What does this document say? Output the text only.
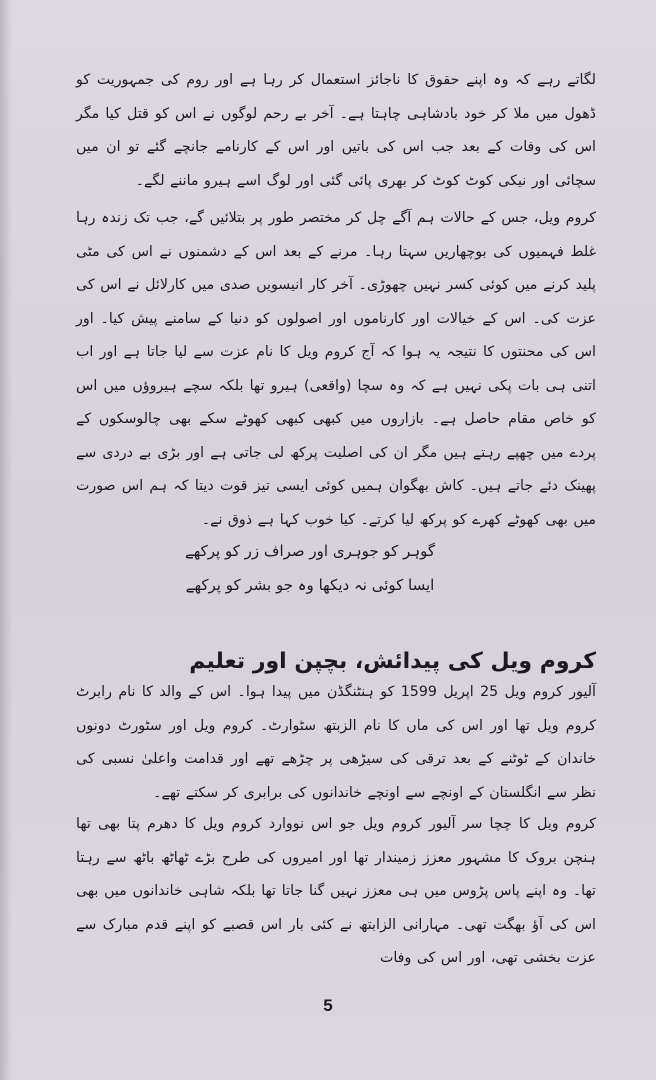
لگاتے رہے کہ وہ اپنے حقوق کا ناجائز استعمال کر رہا ہے اور روم کی جمہوریت کو ڈھول میں ملا کر خود بادشاہی چاہتا ہے۔ آخر بے رحم لوگوں نے اس کو قتل کیا مگر اس کی وفات کے بعد جب اس کی باتیں اور اس کے کارنامے جانچے گئے تو ان میں سچائی اور نیکی کوٹ کوٹ کر بھری پائی گئی اور لوگ اسے ہیرو ماننے لگے۔

کروم ویل، جس کے حالات ہم آگے چل کر مختصر طور پر بتلائیں گے، جب تک زندہ رہا غلط فہمیوں کی بوچھاریں سہتا رہا۔ مرنے کے بعد اس کے دشمنوں نے اس کی مٹی پلید کرنے میں کوئی کسر نہیں چھوڑی۔ آخر کار انیسویں صدی میں کارلائل نے اس کی عزت کی۔ اس کے خیالات اور کارناموں اور اصولوں کو دنیا کے سامنے پیش کیا۔ اور اس کی محنتوں کا نتیجہ یہ ہوا کہ آج کروم ویل کا نام عزت سے لیا جاتا ہے اور اب اتنی ہی بات پکی نہیں ہے کہ وہ سچا (واقعی) ہیرو تھا بلکہ سچے ہیروؤں میں اس کو خاص مقام حاصل ہے۔ بازاروں میں کبھی کبھی کھوٹے سکے بھی چالوسکوں کے پردے میں چھپے رہتے ہیں مگر ان کی اصلیت پرکھ لی جاتی ہے اور بڑی بے دردی سے پھینک دئے جاتے ہیں۔ کاش بھگوان ہمیں کوئی ایسی تیز قوت دیتا کہ ہم اس صورت میں بھی کھوٹے کھرے کو پرکھ لیا کرتے۔ کیا خوب کہا ہے ذوق نے۔

گوہر کو جوہری اور صراف زر کو پرکھے
ایسا کوئی نہ دیکھا وہ جو بشر کو پرکھے
کروم ویل کی پیدائش، بچپن اور تعلیم

آلیور کروم ویل 25 اپریل 1599 کو ہنٹنگڈن میں پیدا ہوا۔ اس کے والد کا نام رابرٹ کروم ویل تھا اور اس کی ماں کا نام الزبتھ سٹوارٹ۔ کروم ویل اور سٹورٹ دونوں خاندان کے ٹوٹنے کے بعد ترقی کی سیڑھی پر چڑھے تھے اور قدامت واعلیٰ نسبی کی نظر سے انگلستان کے اونچے سے اونچے خاندانوں کی برابری کر سکتے تھے۔

کروم ویل کا چچا سر آلیور کروم ویل جو اس نووارد کروم ویل کا دھرم پتا بھی تھا ہنچن بروک کا مشہور معزز زمیندار تھا اور امیروں کی طرح بڑے ٹھاٹھ باٹھ سے رہتا تھا۔ وہ اپنے پاس پڑوس میں ہی معزز نہیں گنا جاتا تھا بلکہ شاہی خاندانوں میں بھی اس کی آؤ بھگت تھی۔ مہارانی الزابتھ نے کئی بار اس قصبے کو اپنے قدم مبارک سے عزت بخشی تھی، اور اس کی وفات

5
